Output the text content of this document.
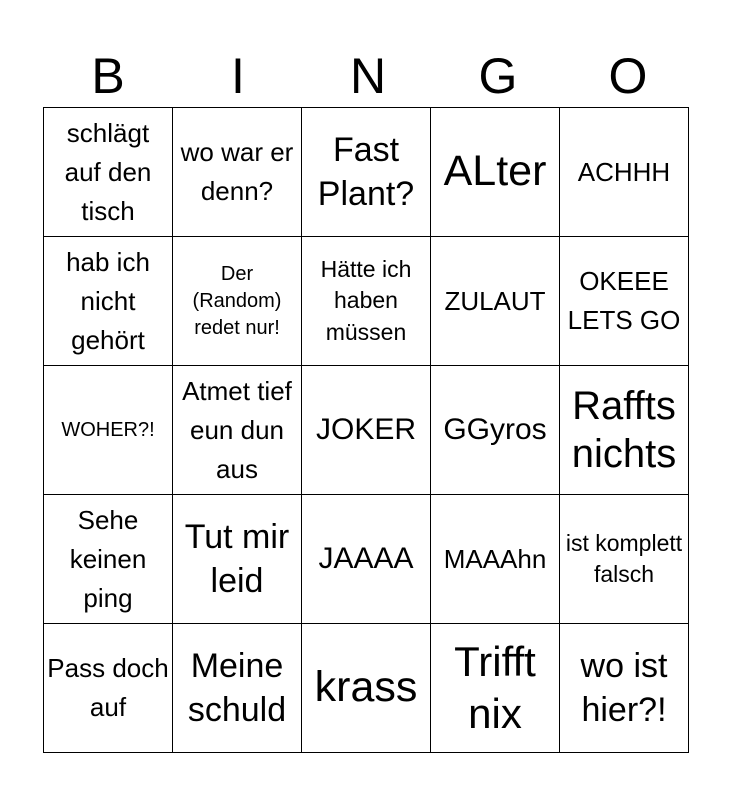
B	I	N	G	O
schlägt auf den tisch	wo war er denn?	Fast Plant?	ALter	ACHHH
hab ich nicht gehört	Der (Random) redet nur!	Hätte ich haben müssen	ZULAUT	OKEEE LETS GO
WOHER?!	Atmet tief eun dun aus	JOKER	GGyros	Raffts nichts
Sehe keinen ping	Tut mir leid	JAAAA	MAAAhn	ist komplett falsch
Pass doch auf	Meine schuld	krass	Trifft nix	wo ist hier?!
